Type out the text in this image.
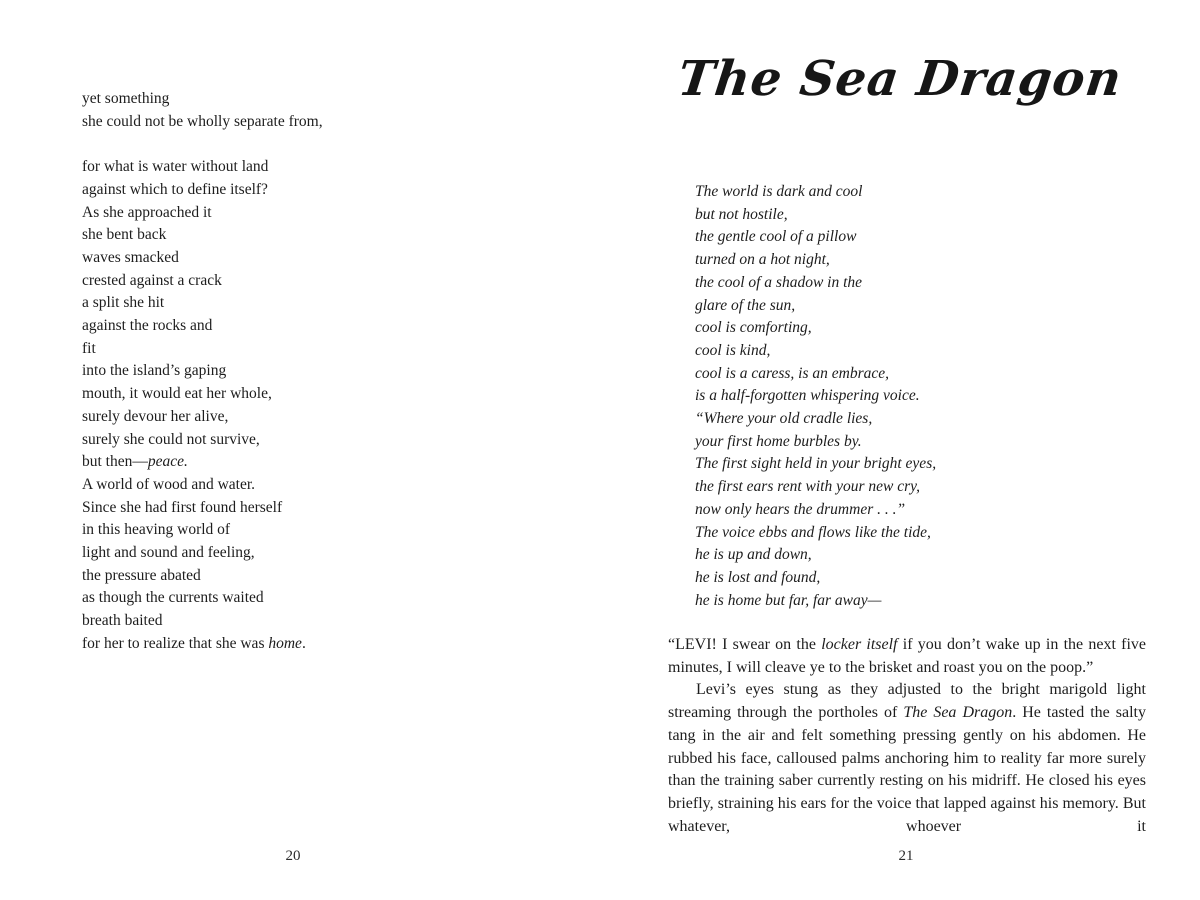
yet something
she could not be wholly separate from,

for what is water without land
against which to define itself?
As she approached it
she bent back
waves smacked
crested against a crack
a split she hit
against the rocks and
fit
into the island’s gaping
mouth, it would eat her whole,
surely devour her alive,
surely she could not survive,
but then—peace.
A world of wood and water.
Since she had first found herself
in this heaving world of
light and sound and feeling,
the pressure abated
as though the currents waited
breath baited
for her to realize that she was home.
20
The Sea Dragon
The world is dark and cool
but not hostile,
the gentle cool of a pillow
turned on a hot night,
the cool of a shadow in the
glare of the sun,
cool is comforting,
cool is kind,
cool is a caress, is an embrace,
is a half-forgotten whispering voice.
“Where your old cradle lies,
your first home burbles by.
The first sight held in your bright eyes,
the first ears rent with your new cry,
now only hears the drummer . . .”
The voice ebbs and flows like the tide,
he is up and down,
he is lost and found,
he is home but far, far away—

“LEVI! I swear on the locker itself if you don’t wake up in the next five minutes, I will cleave ye to the brisket and roast you on the poop.”

Levi’s eyes stung as they adjusted to the bright marigold light streaming through the portholes of The Sea Dragon. He tasted the salty tang in the air and felt something pressing gently on his abdomen. He rubbed his face, calloused palms anchoring him to reality far more surely than the training saber currently resting on his midriff. He closed his eyes briefly, straining his ears for the voice that lapped against his memory. But whatever, whoever it

21
